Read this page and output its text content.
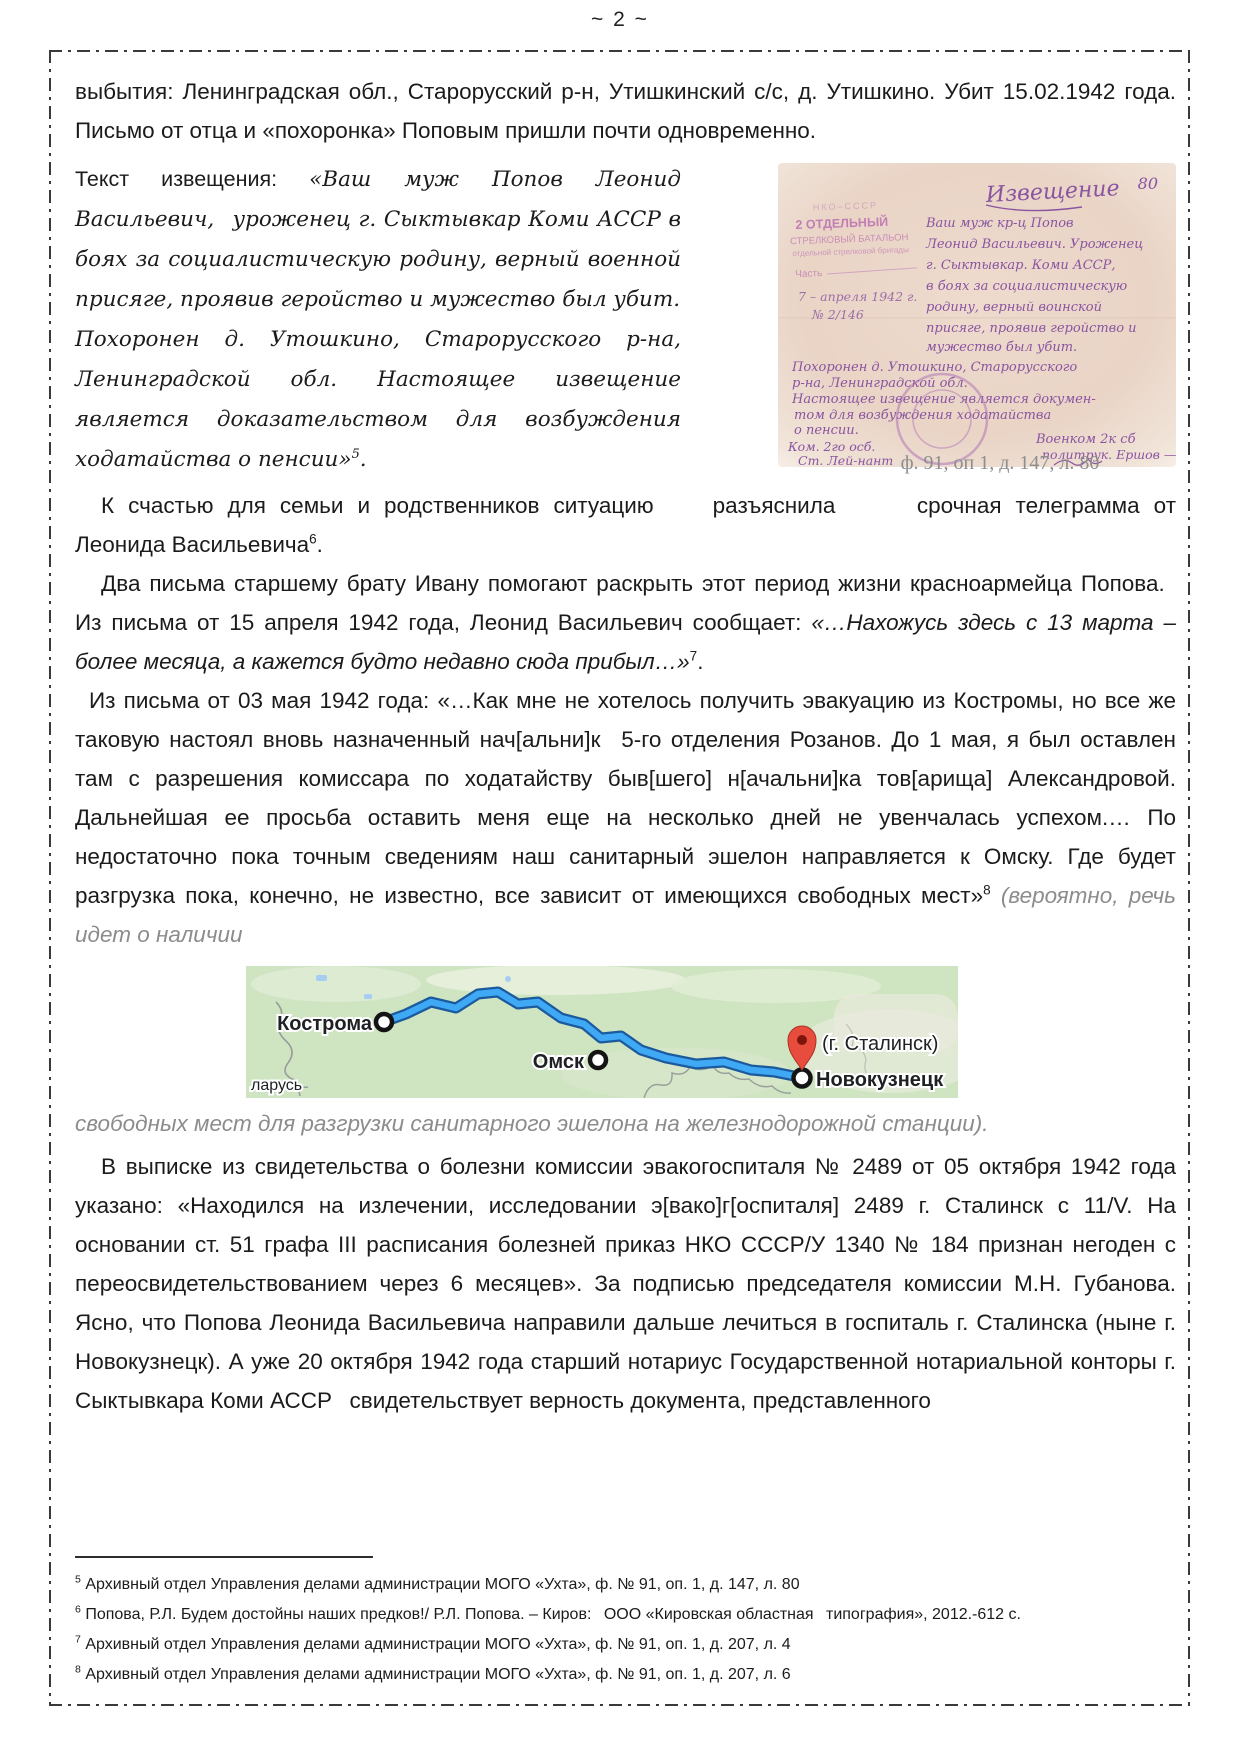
~ 2 ~

выбытия: Ленинградская обл., Старорусский р-н, Утишкинский с/с, д. Утишкино. Убит 15.02.1942 года. Письмо от отца и «похоронка» Поповым пришли почти одновременно.

Текст извещения: «Ваш муж Попов Леонид Васильевич,  уроженец г. Сыктывкар Коми АССР в боях за социалистическую родину, верный военной присяге, проявив геройство и мужество был убит.
Похоронен д. Утошкино, Старорусского р-на, Ленинградской обл. Настоящее извещение является доказательством для возбуждения ходатайства о пенсии»$^5$.
Извещение 80
НКО–СССР
2 ОТДЕЛЬНЫЙ
СТРЕЛКОВЫЙ БАТАЛЬОН
отдельной стрелковой бригады
Часть
7 – апреля 1942 г.
№ 2/146
Ваш муж кр-ц Попов
Леонид Васильевич. Уроженец
г. Сыктывкар. Коми АССР,
в боях за социалистическую
родину, верный воинской
присяге, проявив геройство и
мужество был убит.
Похоронен д. Утошкино, Старорусского
р-на, Ленинградской обл.
Настоящее извещение является докумен-
том для возбуждения ходатайства
о пенсии.
Ком. 2го осб.
Ст. Лей-нант
Военком 2к сб
политрук. Ершов —
ф. 91, оп 1, д. 147, л. 80

К счастью для семьи и родственников ситуацию   разъяснила    срочная телеграмма от Леонида Васильевича$^6$.

Два письма старшему брату Ивану помогают раскрыть этот период жизни красноармейца Попова.  Из письма от 15 апреля 1942 года, Леонид Васильевич сообщает: «…Нахожусь здесь с 13 марта – более месяца, а кажется будто недавно сюда прибыл…»$^7$.

Из письма от 03 мая 1942 года: «…Как мне не хотелось получить эвакуацию из Костромы, но все же таковую настоял вновь назначенный нач[альни]к  5-го отделения Розанов. До 1 мая, я был оставлен там с разрешения комиссара по ходатайству быв[шего] н[ачальни]ка тов[арища] Александровой. Дальнейшая ее просьба оставить меня еще на несколько дней не увенчалась успехом.… По недостаточно пока точным сведениям наш санитарный эшелон направляется к Омску. Где будет разгрузка пока, конечно, не известно, все зависит от имеющихся свободных мест»$^8$ (вероятно, речь идет о наличии

Кострома
Омск
Новокузнецк
(г. Сталинск)
ларусь

свободных мест для разгрузки санитарного эшелона на железнодорожной станции).

В выписке из свидетельства о болезни комиссии эвакогоспиталя № 2489 от 05 октября 1942 года указано: «Находился на излечении, исследовании э[вако]г[оспиталя] 2489 г. Сталинск с 11/V. На основании ст. 51 графа III расписания болезней приказ НКО СССР/У 1340 № 184 признан негоден с переосвидетельствованием через 6 месяцев». За подписью председателя комиссии М.Н. Губанова. Ясно, что Попова Леонида Васильевича направили дальше лечиться в госпиталь г. Сталинска (ныне г. Новокузнецк). А уже 20 октября 1942 года старший нотариус Государственной нотариальной конторы г. Сыктывкара Коми АССР  свидетельствует верность документа, представленного

$^5$ Архивный отдел Управления делами администрации МОГО «Ухта», ф. № 91, оп. 1, д. 147, л. 80
$^6$ Попова, Р.Л. Будем достойны наших предков!/ Р.Л. Попова. – Киров:  ООО «Кировская областная  типография», 2012.-612 с.
$^7$ Архивный отдел Управления делами администрации МОГО «Ухта», ф. № 91, оп. 1, д. 207, л. 4
$^8$ Архивный отдел Управления делами администрации МОГО «Ухта», ф. № 91, оп. 1, д. 207, л. 6
